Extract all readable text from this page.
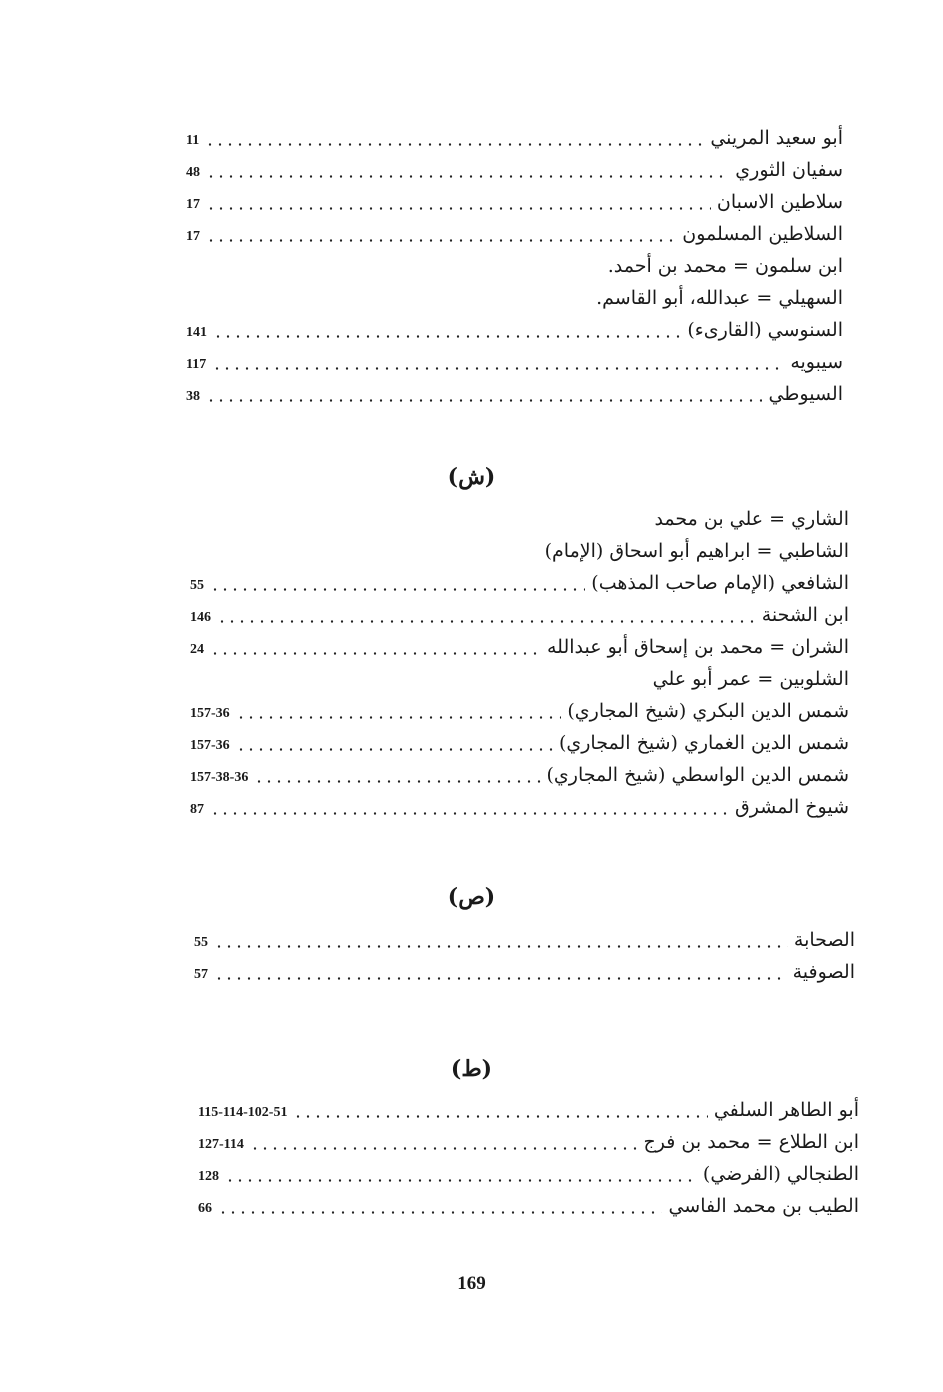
أبو سعيد المريني
11
سفيان الثوري
48
سلاطين الاسبان
17
السلاطين المسلمون
17
ابن سلمون = محمد بن أحمد.
السهيلي = عبدالله، أبو القاسم.
السنوسي (القارىء)
141
سيبويه
117
السيوطي
38
(ش)
الشاري = علي بن محمد
الشاطبي = ابراهيم أبو اسحاق (الإمام)
الشافعي (الإمام صاحب المذهب)
55
ابن الشحنة
146
الشران = محمد بن إسحاق أبو عبدالله
24
الشلوبين = عمر أبو علي
شمس الدين البكري (شيخ المجاري)
157-36
شمس الدين الغماري (شيخ المجاري)
157-36
شمس الدين الواسطي (شيخ المجاري)
157-38-36
شيوخ المشرق
87
(ص)
الصحابة
55
الصوفية
57
(ط)
أبو الطاهر السلفي
115-114-102-51
ابن الطلاع = محمد بن فرج
127-114
الطنجالي (الفرضي)
128
الطيب بن محمد الفاسي
66
169
